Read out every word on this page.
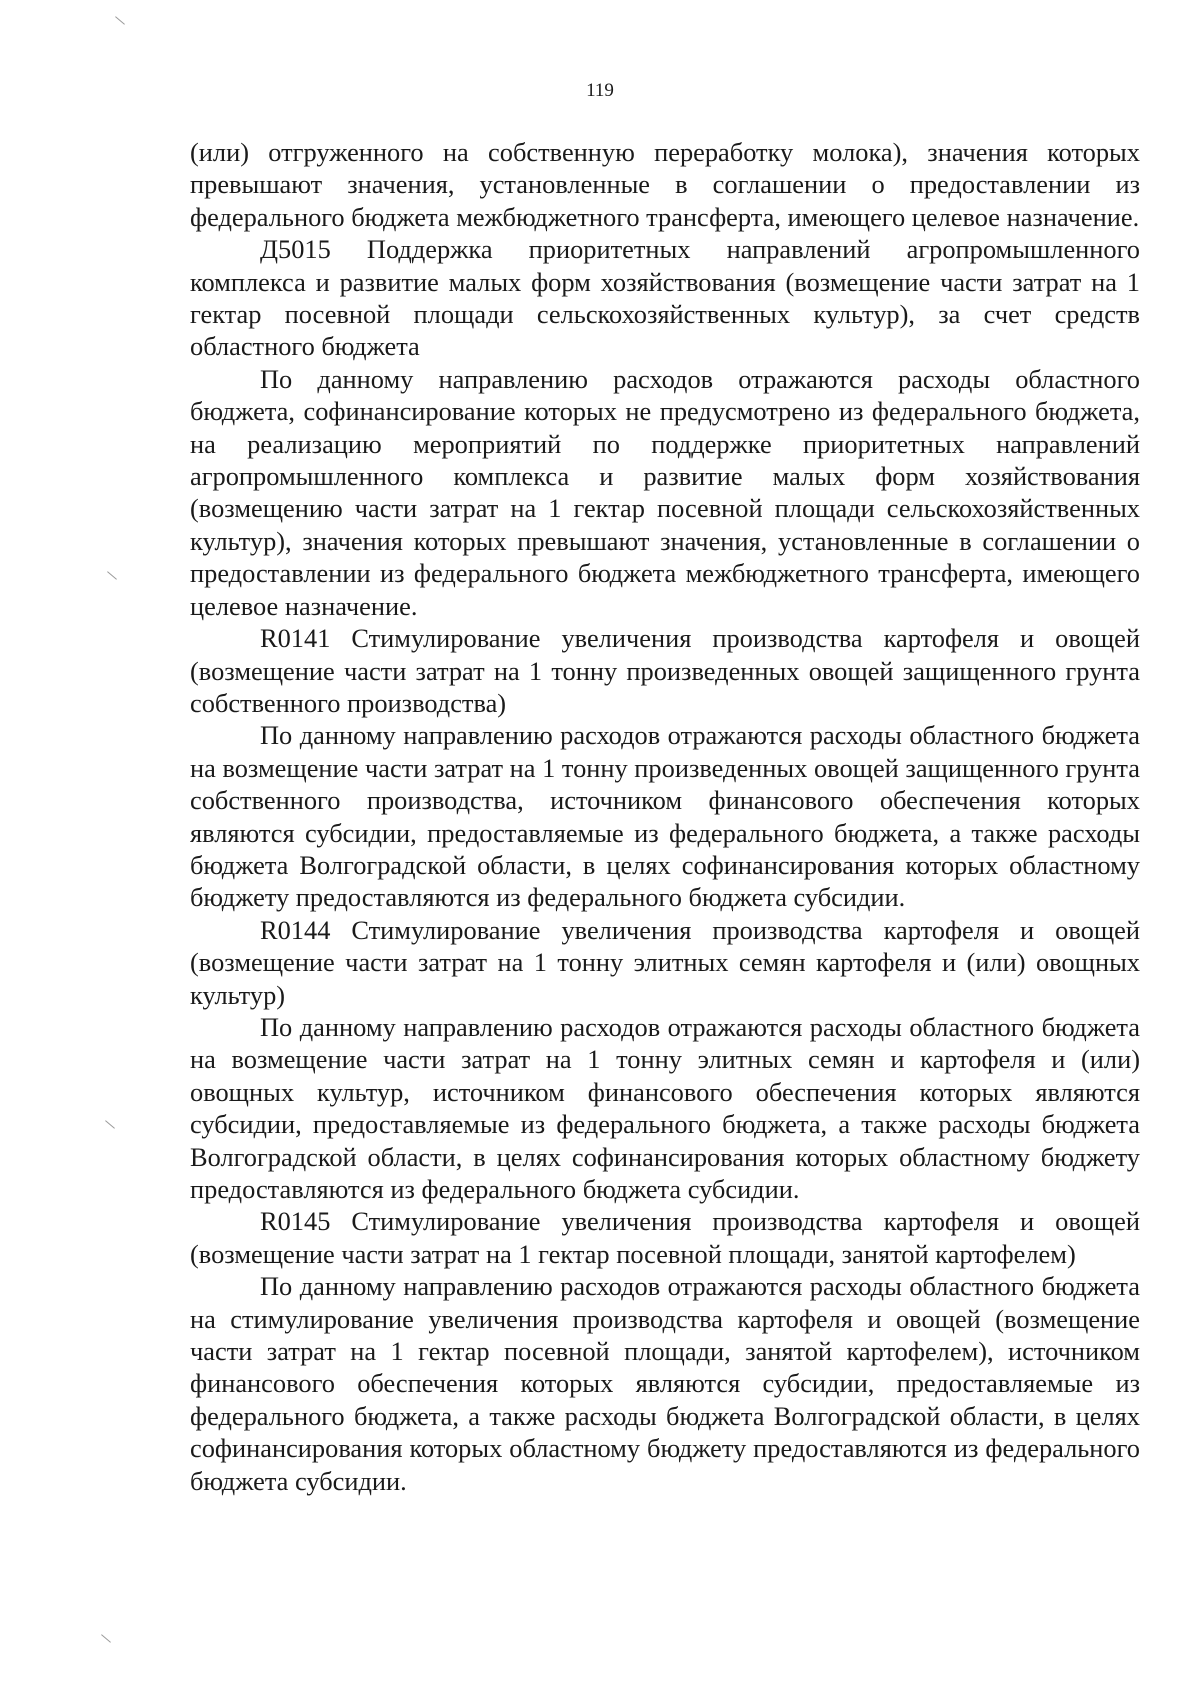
119

(или) отгруженного на собственную переработку молока), значения которых превышают значения, установленные в соглашении о предоставлении из федерального бюджета межбюджетного трансферта, имеющего целевое назначение.

Д5015 Поддержка приоритетных направлений агропромышленного комплекса и развитие малых форм хозяйствования (возмещение части затрат на 1 гектар посевной площади сельскохозяйственных культур), за счет средств областного бюджета

По данному направлению расходов отражаются расходы областного бюджета, софинансирование которых не предусмотрено из федерального бюджета, на реализацию мероприятий по поддержке приоритетных направлений агропромышленного комплекса и развитие малых форм хозяйствования (возмещению части затрат на 1 гектар посевной площади сельскохозяйственных культур), значения которых превышают значения, установленные в соглашении о предоставлении из федерального бюджета межбюджетного трансферта, имеющего целевое назначение.

R0141 Стимулирование увеличения производства картофеля и овощей (возмещение части затрат на 1 тонну произведенных овощей защищенного грунта собственного производства)

По данному направлению расходов отражаются расходы областного бюджета на возмещение части затрат на 1 тонну произведенных овощей защищенного грунта собственного производства, источником финансового обеспечения которых являются субсидии, предоставляемые из федерального бюджета, а также расходы бюджета Волгоградской области, в целях софинансирования которых областному бюджету предоставляются из федерального бюджета субсидии.

R0144 Стимулирование увеличения производства картофеля и овощей (возмещение части затрат на 1 тонну элитных семян картофеля и (или) овощных культур)

По данному направлению расходов отражаются расходы областного бюджета на возмещение части затрат на 1 тонну элитных семян и картофеля и (или) овощных культур, источником финансового обеспечения которых являются субсидии, предоставляемые из федерального бюджета, а также расходы бюджета Волгоградской области, в целях софинансирования которых областному бюджету предоставляются из федерального бюджета субсидии.

R0145 Стимулирование увеличения производства картофеля и овощей (возмещение части затрат на 1 гектар посевной площади, занятой картофелем)

По данному направлению расходов отражаются расходы областного бюджета на стимулирование увеличения производства картофеля и овощей (возмещение части затрат на 1 гектар посевной площади, занятой картофелем), источником финансового обеспечения которых являются субсидии, предоставляемые из федерального бюджета, а также расходы бюджета Волгоградской области, в целях софинансирования которых областному бюджету предоставляются из федерального бюджета субсидии.
